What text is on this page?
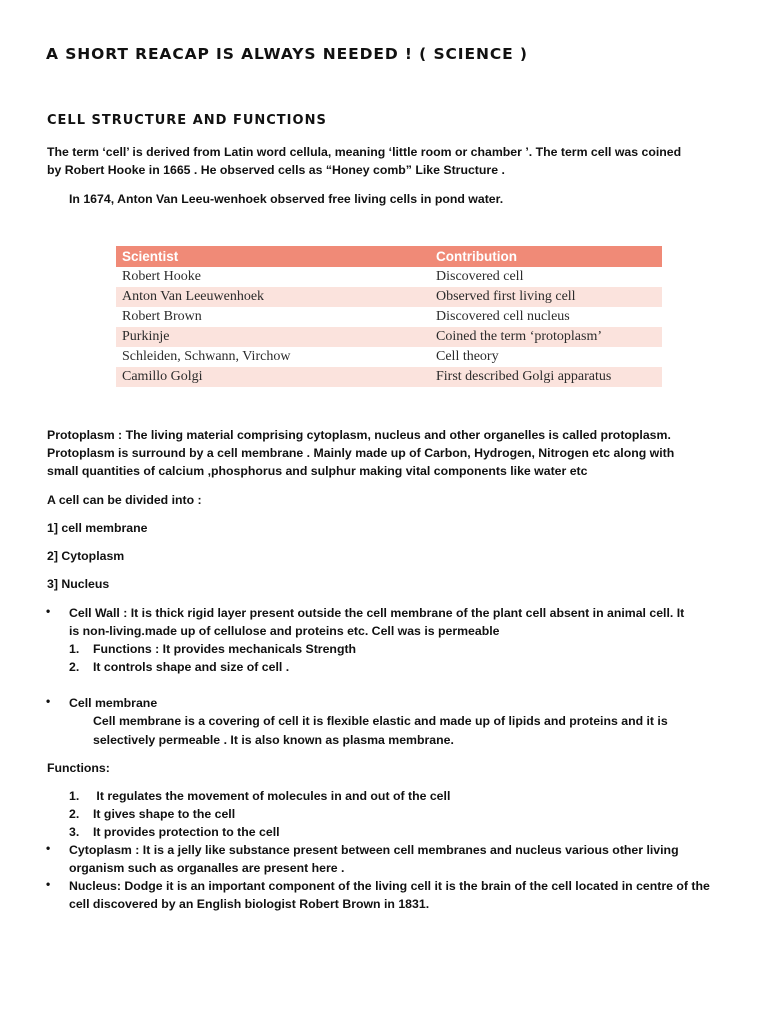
A SHORT REACAP IS ALWAYS NEEDED ! ( SCIENCE )
CELL STRUCTURE AND FUNCTIONS
The term ‘cell’ is derived from Latin word cellula, meaning ‘little room or chamber ’. The term cell was coined
by Robert Hooke in 1665 . He observed cells as “Honey comb” Like Structure .
In 1674, Anton Van Leeu-wenhoek observed free living cells in pond water.
Scientist	Contribution
Robert Hooke	Discovered cell
Anton Van Leeuwenhoek	Observed first living cell
Robert Brown	Discovered cell nucleus
Purkinje	Coined the term ‘protoplasm’
Schleiden, Schwann, Virchow	Cell theory
Camillo Golgi	First described Golgi apparatus
Protoplasm : The living material comprising cytoplasm, nucleus and other organelles is called protoplasm.
Protoplasm is surround by a cell membrane . Mainly made up of Carbon, Hydrogen, Nitrogen etc along with
small quantities of calcium ,phosphorus and sulphur making vital components like water etc
A cell can be divided into :
1] cell membrane
2] Cytoplasm
3] Nucleus
• Cell Wall : It is thick rigid layer present outside the cell membrane of the plant cell absent in animal cell. It
is non-living.made up of cellulose and proteins etc. Cell was is permeable
1. Functions : It provides mechanicals Strength
2. It controls shape and size of cell .
• Cell membrane
Cell membrane is a covering of cell it is flexible elastic and made up of lipids and proteins and it is
selectively permeable . It is also known as plasma membrane.
Functions:
1. It regulates the movement of molecules in and out of the cell
2. It gives shape to the cell
3. It provides protection to the cell
• Cytoplasm : It is a jelly like substance present between cell membranes and nucleus various other living
organism such as organalles are present here .
• Nucleus: Dodge it is an important component of the living cell it is the brain of the cell located in centre of the
cell discovered by an English biologist Robert Brown in 1831.
